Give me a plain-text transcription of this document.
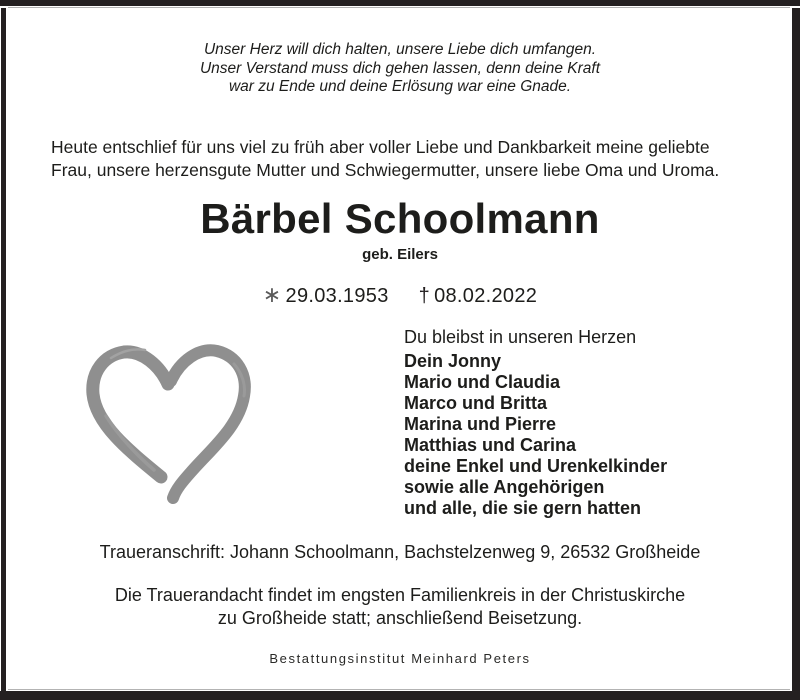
Unser Herz will dich halten, unsere Liebe dich umfangen.
Unser Verstand muss dich gehen lassen, denn deine Kraft
war zu Ende und deine Erlösung war eine Gnade.
Heute entschlief für uns viel zu früh aber voller Liebe und Dankbarkeit meine geliebte
Frau, unsere herzensgute Mutter und Schwiegermutter, unsere liebe Oma und Uroma.
Bärbel Schoolmann
geb. Eilers
∗ 29.03.1953 † 08.02.2022
Du bleibst in unseren Herzen
Dein Jonny
Mario und Claudia
Marco und Britta
Marina und Pierre
Matthias und Carina
deine Enkel und Urenkelkinder
sowie alle Angehörigen
und alle, die sie gern hatten
Traueranschrift: Johann Schoolmann, Bachstelzenweg 9, 26532 Großheide
Die Trauerandacht findet im engsten Familienkreis in der Christuskirche
zu Großheide statt; anschließend Beisetzung.
Bestattungsinstitut Meinhard Peters
